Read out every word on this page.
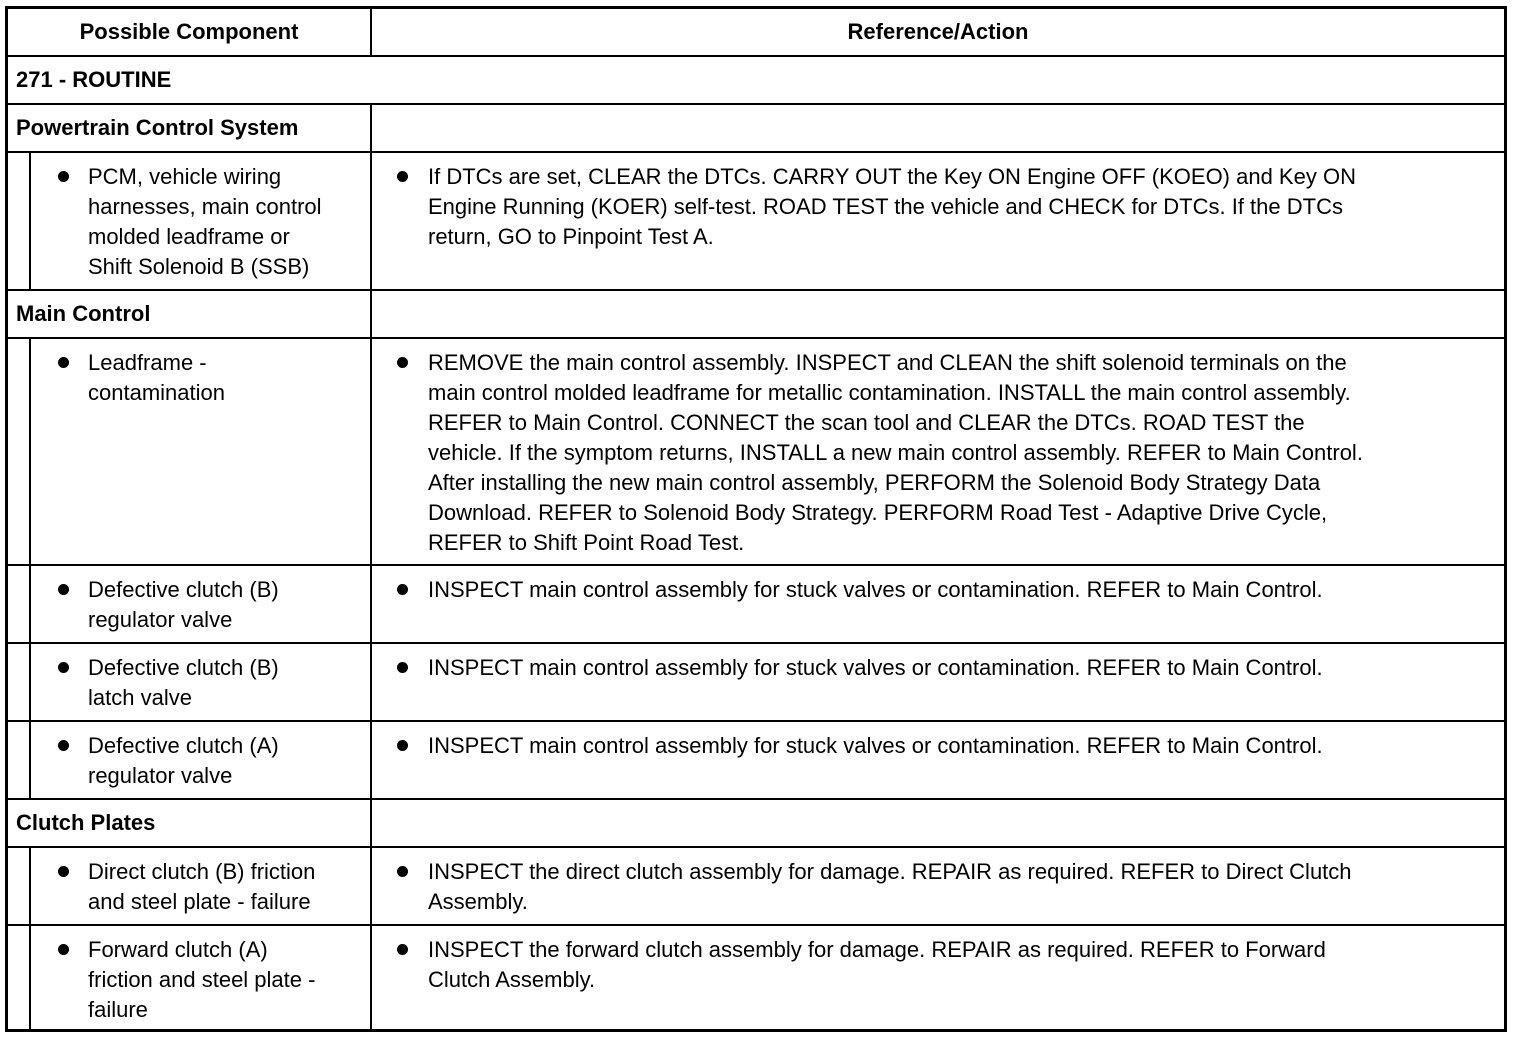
Possible Component	Reference/Action
271 - ROUTINE
Powertrain Control System
PCM, vehicle wiring
harnesses, main control
molded leadframe or
Shift Solenoid B (SSB)
If DTCs are set, CLEAR the DTCs. CARRY OUT the Key ON Engine OFF (KOEO) and Key ON
Engine Running (KOER) self-test. ROAD TEST the vehicle and CHECK for DTCs. If the DTCs
return, GO to Pinpoint Test A.
Main Control
Leadframe -
contamination
REMOVE the main control assembly. INSPECT and CLEAN the shift solenoid terminals on the
main control molded leadframe for metallic contamination. INSTALL the main control assembly.
REFER to Main Control. CONNECT the scan tool and CLEAR the DTCs. ROAD TEST the
vehicle. If the symptom returns, INSTALL a new main control assembly. REFER to Main Control.
After installing the new main control assembly, PERFORM the Solenoid Body Strategy Data
Download. REFER to Solenoid Body Strategy. PERFORM Road Test - Adaptive Drive Cycle,
REFER to Shift Point Road Test.
Defective clutch (B)
regulator valve
INSPECT main control assembly for stuck valves or contamination. REFER to Main Control.
Defective clutch (B)
latch valve
INSPECT main control assembly for stuck valves or contamination. REFER to Main Control.
Defective clutch (A)
regulator valve
INSPECT main control assembly for stuck valves or contamination. REFER to Main Control.
Clutch Plates
Direct clutch (B) friction
and steel plate - failure
INSPECT the direct clutch assembly for damage. REPAIR as required. REFER to Direct Clutch
Assembly.
Forward clutch (A)
friction and steel plate -
failure
INSPECT the forward clutch assembly for damage. REPAIR as required. REFER to Forward
Clutch Assembly.
